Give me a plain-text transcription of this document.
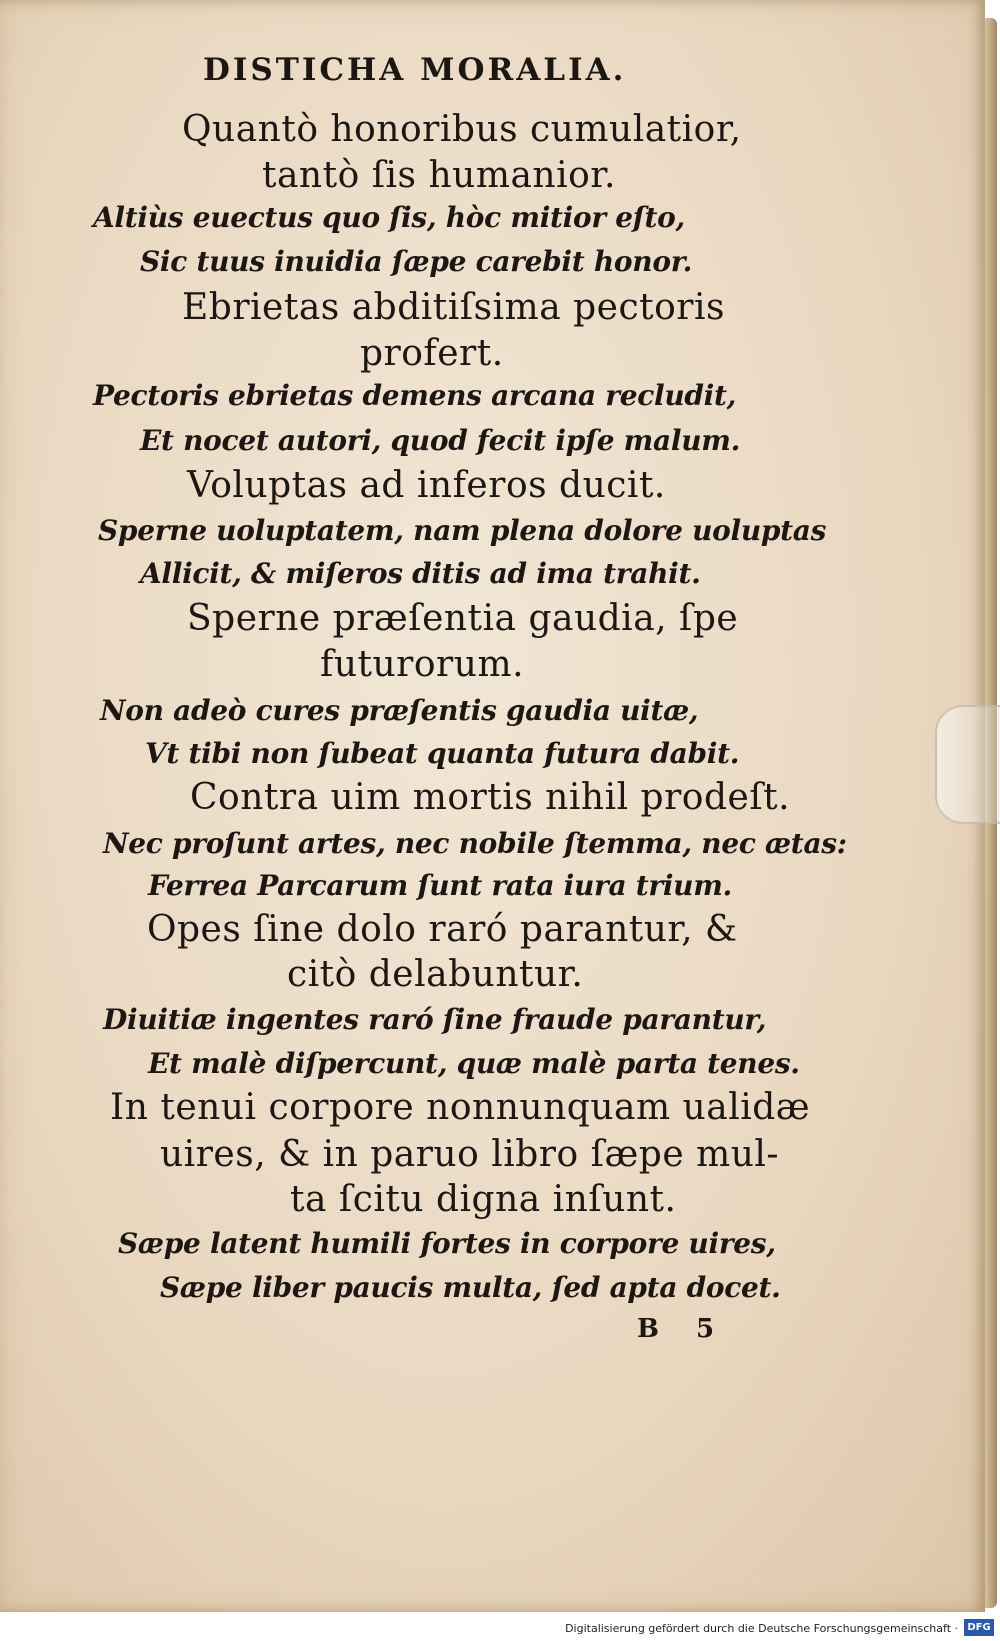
DISTICHA MORALIA.
Quantò honoribus cumulatior,
tantò ſis humanior.
Altiùs euectus quo ſis, hòc mitior eſto,
Sic tuus inuidia ſæpe carebit honor.
Ebrietas abditiſsima pectoris
profert.
Pectoris ebrietas demens arcana recludit,
Et nocet autori, quod fecit ipſe malum.
Voluptas ad inferos ducit.
Sperne uoluptatem, nam plena dolore uoluptas
Allicit, & miſeros ditis ad ima trahit.
Sperne præſentia gaudia, ſpe
futurorum.
Non adeò cures præſentis gaudia uitæ,
Vt tibi non ſubeat quanta futura dabit.
Contra uim mortis nihil prodeſt.
Nec proſunt artes, nec nobile ſtemma, nec ætas:
Ferrea Parcarum ſunt rata iura trium.
Opes ſine dolo raró parantur, &
citò delabuntur.
Diuitiæ ingentes raró ſine fraude parantur,
Et malè diſpercunt, quæ malè parta tenes.
In tenui corpore nonnunquam ualidæ
uires, & in paruo libro ſæpe mul-
ta ſcitu digna inſunt.
Sæpe latent humili fortes in corpore uires,
Sæpe liber paucis multa, ſed apta docet.
B 5
Digitalisierung gefördert durch die Deutsche Forschungsgemeinschaft · DFG
